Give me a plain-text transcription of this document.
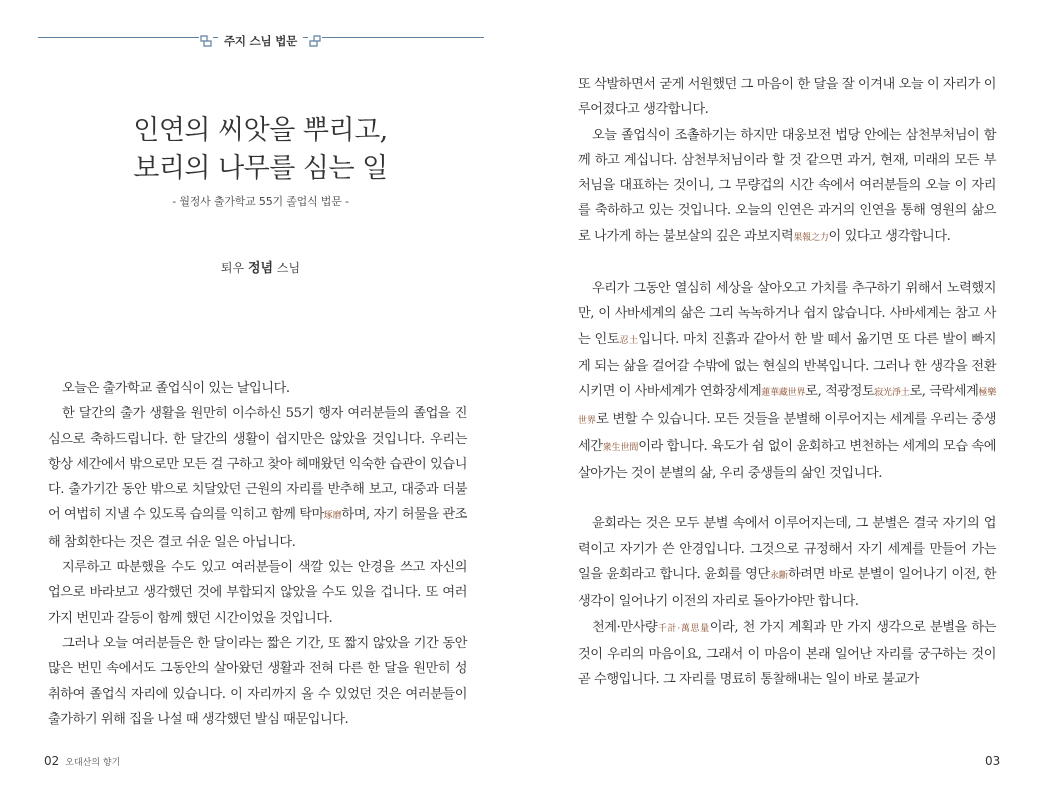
주지 스님 법문
인연의 씨앗을 뿌리고,
보리의 나무를 심는 일
- 월정사 출가학교 55기 졸업식 법문 -
퇴우 정념 스님

오늘은 출가학교 졸업식이 있는 날입니다.

한 달간의 출가 생활을 원만히 이수하신 55기 행자 여러분들의 졸업을 진심으로 축하드립니다. 한 달간의 생활이 쉽지만은 않았을 것입니다. 우리는 항상 세간에서 밖으로만 모든 걸 구하고 찾아 헤매왔던 익숙한 습관이 있습니다. 출가기간 동안 밖으로 치달았던 근원의 자리를 반추해 보고, 대중과 더불어 여법히 지낼 수 있도록 습의를 익히고 함께 탁마琢磨하며, 자기 허물을 관조해 참회한다는 것은 결코 쉬운 일은 아닙니다.

지루하고 따분했을 수도 있고 여러분들이 색깔 있는 안경을 쓰고 자신의 업으로 바라보고 생각했던 것에 부합되지 않았을 수도 있을 겁니다. 또 여러 가지 번민과 갈등이 함께 했던 시간이었을 것입니다.

그러나 오늘 여러분들은 한 달이라는 짧은 기간, 또 짧지 않았을 기간 동안 많은 번민 속에서도 그동안의 살아왔던 생활과 전혀 다른 한 달을 원만히 성취하여 졸업식 자리에 있습니다. 이 자리까지 올 수 있었던 것은 여러분들이 출가하기 위해 집을 나설 때 생각했던 발심 때문입니다.

02 오대산의 향기

또 삭발하면서 굳게 서원했던 그 마음이 한 달을 잘 이겨내 오늘 이 자리가 이루어졌다고 생각합니다.

오늘 졸업식이 조촐하기는 하지만 대웅보전 법당 안에는 삼천부처님이 함께 하고 계십니다. 삼천부처님이라 할 것 같으면 과거, 현재, 미래의 모든 부처님을 대표하는 것이니, 그 무량겁의 시간 속에서 여러분들의 오늘 이 자리를 축하하고 있는 것입니다. 오늘의 인연은 과거의 인연을 통해 영원의 삶으로 나가게 하는 불보살의 깊은 과보지력果報之力이 있다고 생각합니다.

우리가 그동안 열심히 세상을 살아오고 가치를 추구하기 위해서 노력했지만, 이 사바세계의 삶은 그리 녹녹하거나 쉽지 않습니다. 사바세계는 참고 사는 인토忍土입니다. 마치 진흙과 같아서 한 발 떼서 옮기면 또 다른 발이 빠지게 되는 삶을 걸어갈 수밖에 없는 현실의 반복입니다. 그러나 한 생각을 전환시키면 이 사바세계가 연화장세계蓮華藏世界로, 적광정토寂光淨土로, 극락세계極樂世界로 변할 수 있습니다. 모든 것들을 분별해 이루어지는 세계를 우리는 중생세간衆生世間이라 합니다. 육도가 쉼 없이 윤회하고 변천하는 세계의 모습 속에 살아가는 것이 분별의 삶, 우리 중생들의 삶인 것입니다.

윤회라는 것은 모두 분별 속에서 이루어지는데, 그 분별은 결국 자기의 업력이고 자기가 쓴 안경입니다. 그것으로 규정해서 자기 세계를 만들어 가는 일을 윤회라고 합니다. 윤회를 영단永斷하려면 바로 분별이 일어나기 이전, 한 생각이 일어나기 이전의 자리로 돌아가야만 합니다.

천계·만사량千計·萬思量이라, 천 가지 계획과 만 가지 생각으로 분별을 하는 것이 우리의 마음이요, 그래서 이 마음이 본래 일어난 자리를 궁구하는 것이 곧 수행입니다. 그 자리를 명료히 통찰해내는 일이 바로 불교가

03
